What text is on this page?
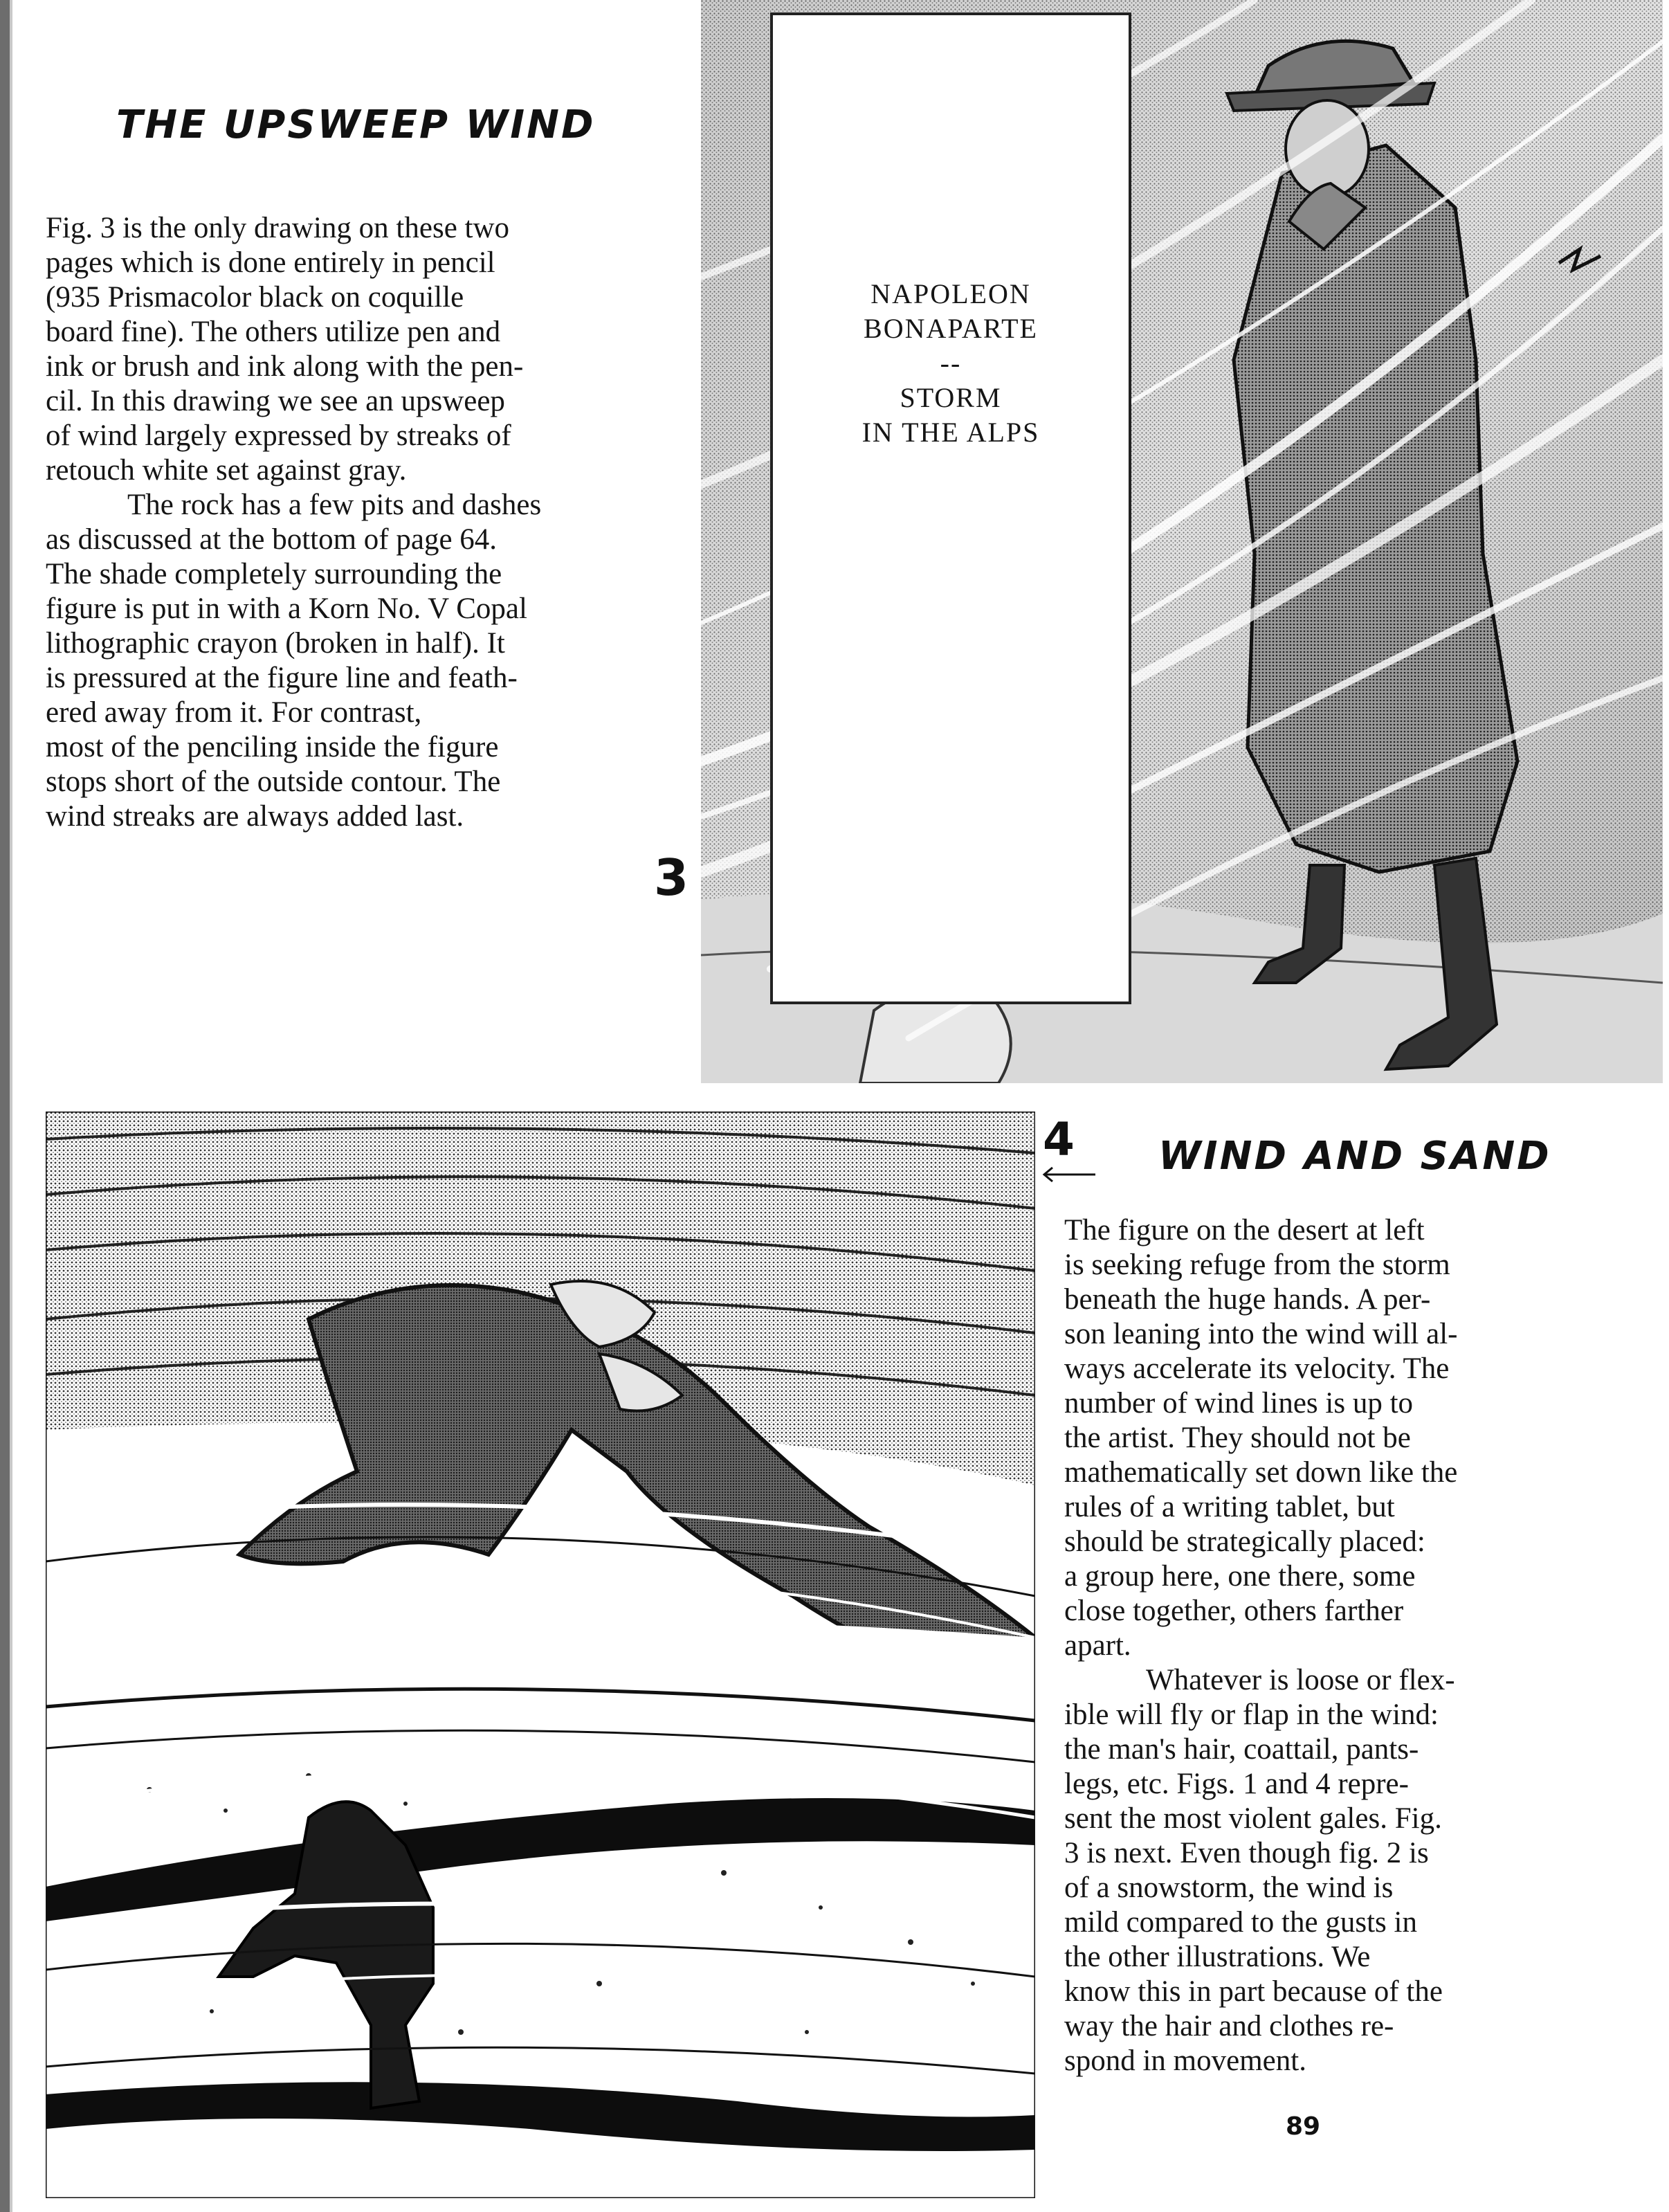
THE UPSWEEP WIND
Fig. 3 is the only drawing on these two
pages which is done entirely in pencil
(935 Prismacolor black on coquille
board fine). The others utilize pen and
ink or brush and ink along with the pen-
cil. In this drawing we see an upsweep
of wind largely expressed by streaks of
retouch white set against gray.
The rock has a few pits and dashes
as discussed at the bottom of page 64.
The shade completely surrounding the
figure is put in with a Korn No. V Copal
lithographic crayon (broken in half). It
is pressured at the figure line and feath-
ered away from it. For contrast,
most of the penciling inside the figure
stops short of the outside contour. The
wind streaks are always added last.
3
NAPOLEON
BONAPARTE
--
STORM
IN THE ALPS
4 WIND AND SAND
The figure on the desert at left
is seeking refuge from the storm
beneath the huge hands. A per-
son leaning into the wind will al-
ways accelerate its velocity. The
number of wind lines is up to
the artist. They should not be
mathematically set down like the
rules of a writing tablet, but
should be strategically placed:
a group here, one there, some
close together, others farther
apart.
Whatever is loose or flex-
ible will fly or flap in the wind:
the man's hair, coattail, pants-
legs, etc. Figs. 1 and 4 repre-
sent the most violent gales. Fig.
3 is next. Even though fig. 2 is
of a snowstorm, the wind is
mild compared to the gusts in
the other illustrations. We
know this in part because of the
way the hair and clothes re-
spond in movement.
89
